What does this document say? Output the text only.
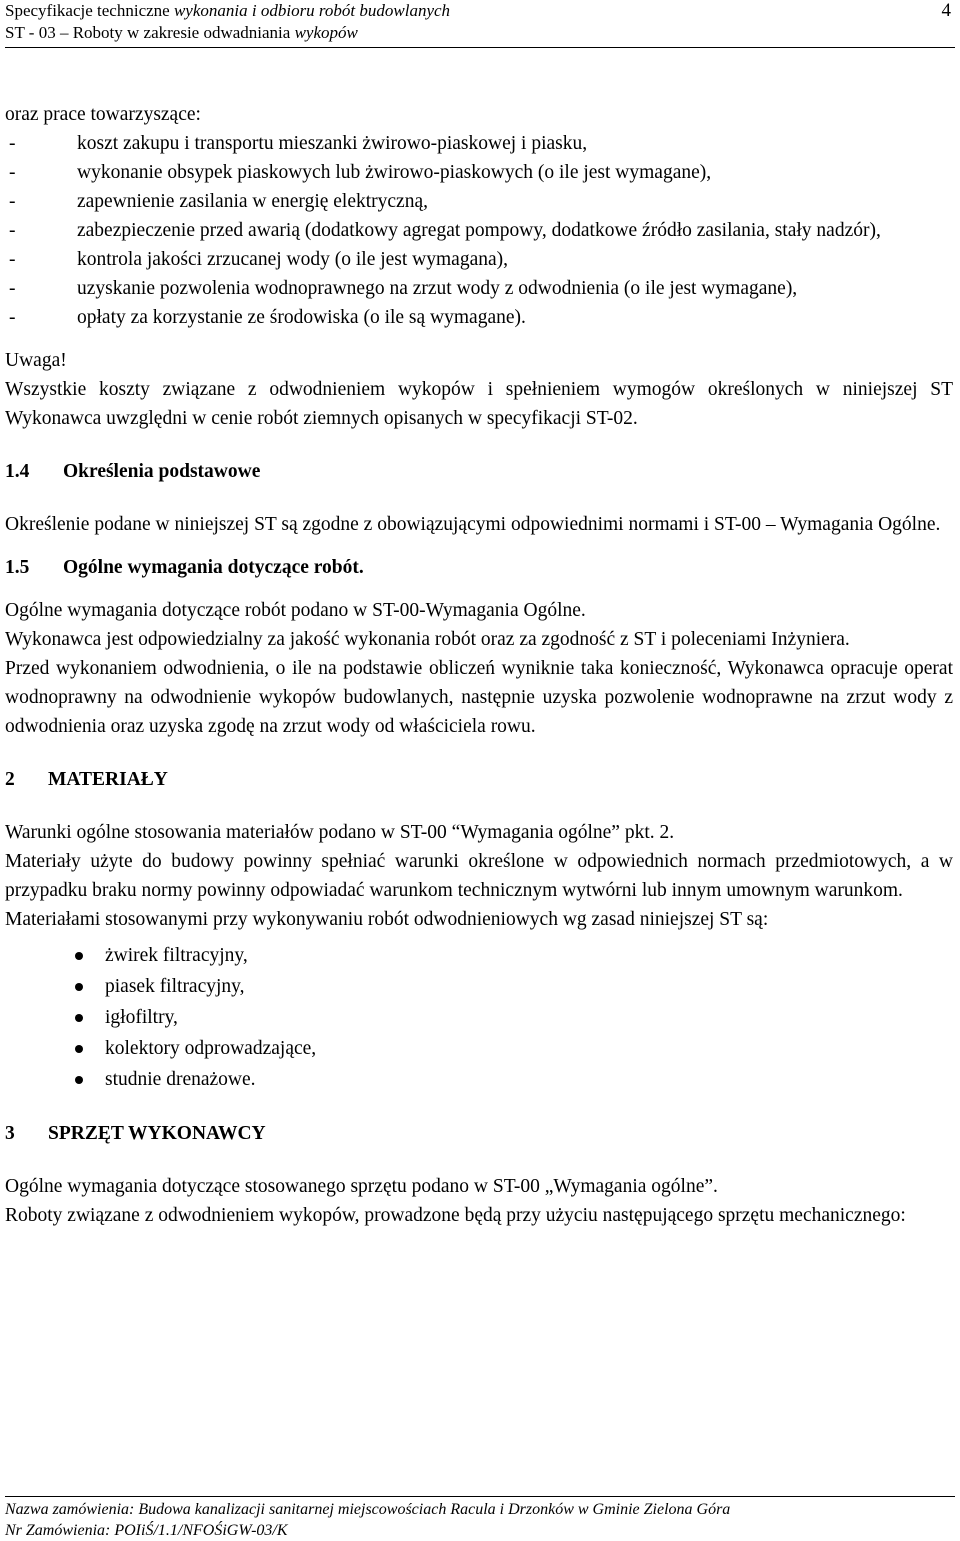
Specyfikacje techniczne wykonania i odbioru robót budowlanych
ST - 03 – Roboty w zakresie odwadniania wykopów
4

oraz prace towarzyszące:

-	koszt zakupu i transportu mieszanki żwirowo-piaskowej i piasku,
-	wykonanie obsypek piaskowych lub żwirowo-piaskowych (o ile jest wymagane),
-	zapewnienie zasilania w energię elektryczną,
-	zabezpieczenie przed awarią (dodatkowy agregat pompowy, dodatkowe źródło zasilania, stały nadzór),
-	kontrola jakości zrzucanej wody (o ile jest wymagana),
-	uzyskanie pozwolenia wodnoprawnego na zrzut wody z odwodnienia (o ile jest wymagane),
-	opłaty za korzystanie ze środowiska (o ile są wymagane).

Uwaga!

Wszystkie koszty związane z odwodnieniem wykopów i spełnieniem wymogów określonych w niniejszej ST Wykonawca uwzględni w cenie robót ziemnych opisanych w specyfikacji ST-02.

1.4	Określenia podstawowe

Określenie podane w niniejszej ST są zgodne z obowiązującymi odpowiednimi normami i ST-00 – Wymagania Ogólne.

1.5	Ogólne wymagania dotyczące robót.

Ogólne wymagania dotyczące robót podano w ST-00-Wymagania Ogólne.

Wykonawca jest odpowiedzialny za jakość wykonania robót oraz za zgodność z ST i poleceniami Inżyniera.

Przed wykonaniem odwodnienia, o ile na podstawie obliczeń wyniknie taka konieczność, Wykonawca opracuje operat wodnoprawny na odwodnienie wykopów budowlanych, następnie uzyska pozwolenie wodnoprawne na zrzut wody z odwodnienia oraz uzyska zgodę na zrzut wody od właściciela rowu.

2	MATERIAŁY

Warunki ogólne stosowania materiałów podano w ST-00 “Wymagania ogólne” pkt. 2.

Materiały użyte do budowy powinny spełniać warunki określone w odpowiednich normach przedmiotowych, a w przypadku braku normy powinny odpowiadać warunkom technicznym wytwórni lub innym umownym warunkom.

Materiałami stosowanymi przy wykonywaniu robót odwodnieniowych wg zasad niniejszej ST są:

żwirek filtracyjny,
piasek filtracyjny,
igłofiltry,
kolektory odprowadzające,
studnie drenażowe.
3	SPRZĘT WYKONAWCY

Ogólne wymagania dotyczące stosowanego sprzętu podano w ST-00 „Wymagania ogólne”.

Roboty związane z odwodnieniem wykopów, prowadzone będą przy użyciu następującego sprzętu mechanicznego:

Nazwa zamówienia: Budowa kanalizacji sanitarnej miejscowościach Racula i Drzonków w Gminie Zielona Góra
Nr Zamówienia: POIiŚ/1.1/NFOŚiGW-03/K
